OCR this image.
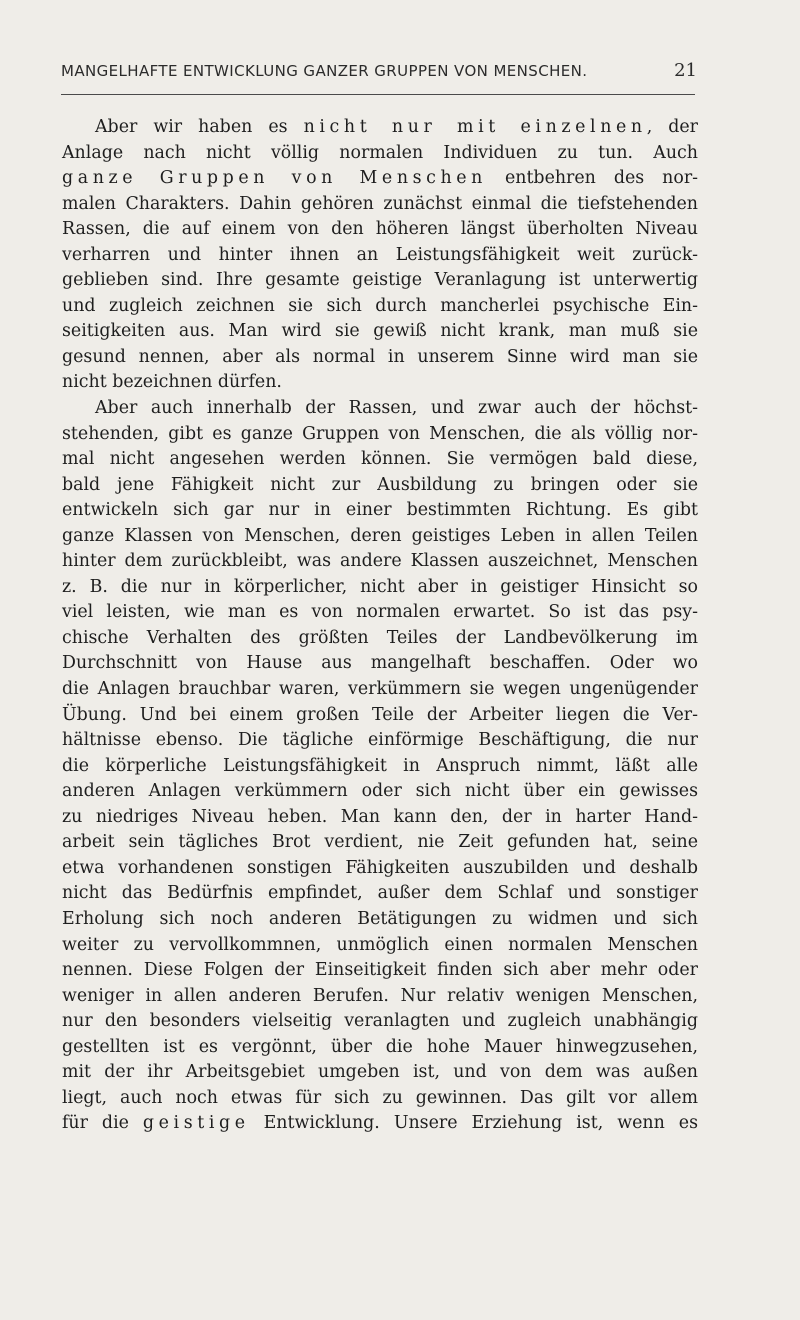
MANGELHAFTE ENTWICKLUNG GANZER GRUPPEN VON MENSCHEN.	21
Aber wir haben es nicht nur mit einzelnen, der
Anlage nach nicht völlig normalen Individuen zu tun. Auch
ganze Gruppen von Menschen entbehren des nor-
malen Charakters. Dahin gehören zunächst einmal die tiefstehenden
Rassen, die auf einem von den höheren längst überholten Niveau
verharren und hinter ihnen an Leistungsfähigkeit weit zurück-
geblieben sind. Ihre gesamte geistige Veranlagung ist unterwertig
und zugleich zeichnen sie sich durch mancherlei psychische Ein-
seitigkeiten aus. Man wird sie gewiß nicht krank, man muß sie
gesund nennen, aber als normal in unserem Sinne wird man sie
nicht bezeichnen dürfen.
Aber auch innerhalb der Rassen, und zwar auch der höchst-
stehenden, gibt es ganze Gruppen von Menschen, die als völlig nor-
mal nicht angesehen werden können. Sie vermögen bald diese,
bald jene Fähigkeit nicht zur Ausbildung zu bringen oder sie
entwickeln sich gar nur in einer bestimmten Richtung. Es gibt
ganze Klassen von Menschen, deren geistiges Leben in allen Teilen
hinter dem zurückbleibt, was andere Klassen auszeichnet, Menschen
z. B. die nur in körperlicher, nicht aber in geistiger Hinsicht so
viel leisten, wie man es von normalen erwartet. So ist das psy-
chische Verhalten des größten Teiles der Landbevölkerung im
Durchschnitt von Hause aus mangelhaft beschaffen. Oder wo
die Anlagen brauchbar waren, verkümmern sie wegen ungenügender
Übung. Und bei einem großen Teile der Arbeiter liegen die Ver-
hältnisse ebenso. Die tägliche einförmige Beschäftigung, die nur
die körperliche Leistungsfähigkeit in Anspruch nimmt, läßt alle
anderen Anlagen verkümmern oder sich nicht über ein gewisses
zu niedriges Niveau heben. Man kann den, der in harter Hand-
arbeit sein tägliches Brot verdient, nie Zeit gefunden hat, seine
etwa vorhandenen sonstigen Fähigkeiten auszubilden und deshalb
nicht das Bedürfnis empfindet, außer dem Schlaf und sonstiger
Erholung sich noch anderen Betätigungen zu widmen und sich
weiter zu vervollkommnen, unmöglich einen normalen Menschen
nennen. Diese Folgen der Einseitigkeit finden sich aber mehr oder
weniger in allen anderen Berufen. Nur relativ wenigen Menschen,
nur den besonders vielseitig veranlagten und zugleich unabhängig
gestellten ist es vergönnt, über die hohe Mauer hinwegzusehen,
mit der ihr Arbeitsgebiet umgeben ist, und von dem was außen
liegt, auch noch etwas für sich zu gewinnen. Das gilt vor allem
für die geistige Entwicklung. Unsere Erziehung ist, wenn es
